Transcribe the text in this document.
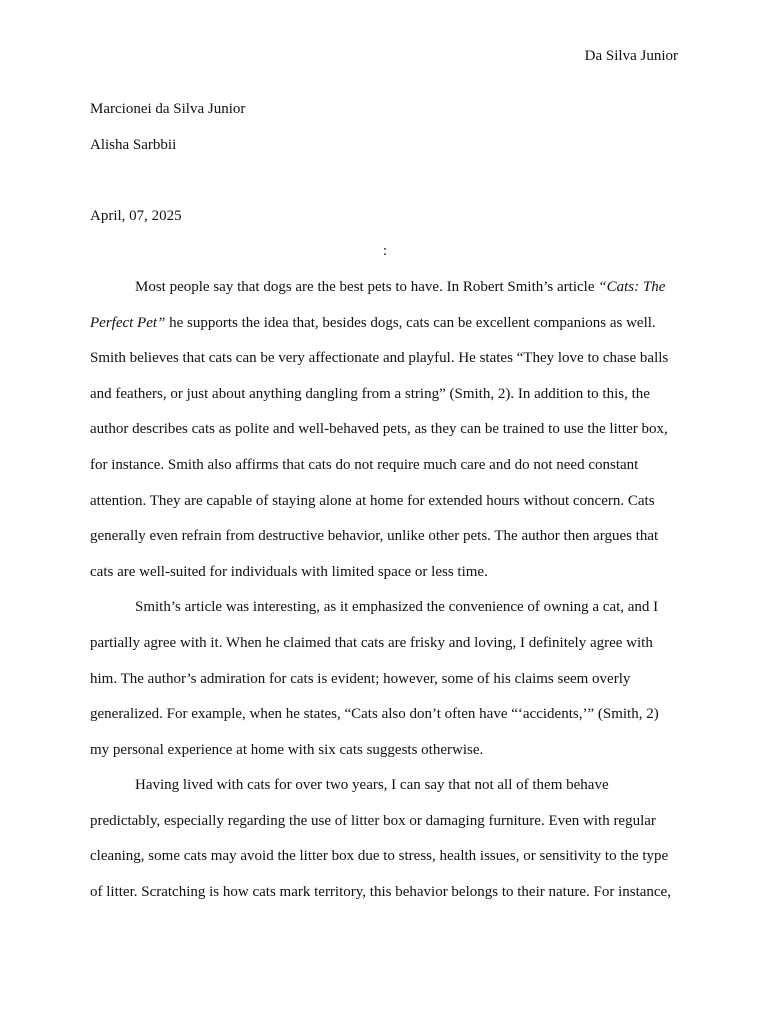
Da Silva Junior

Marcionei da Silva Junior

Alisha Sarbbii

April, 07, 2025

:

Most people say that dogs are the best pets to have. In Robert Smith’s article “Cats: The
Perfect Pet” he supports the idea that, besides dogs, cats can be excellent companions as well.
Smith believes that cats can be very affectionate and playful. He states “They love to chase balls
and feathers, or just about anything dangling from a string” (Smith, 2). In addition to this, the
author describes cats as polite and well-behaved pets, as they can be trained to use the litter box,
for instance. Smith also affirms that cats do not require much care and do not need constant
attention. They are capable of staying alone at home for extended hours without concern. Cats
generally even refrain from destructive behavior, unlike other pets. The author then argues that
cats are well-suited for individuals with limited space or less time.
Smith’s article was interesting, as it emphasized the convenience of owning a cat, and I
partially agree with it. When he claimed that cats are frisky and loving, I definitely agree with
him. The author’s admiration for cats is evident; however, some of his claims seem overly
generalized. For example, when he states, “Cats also don’t often have “‘accidents,’” (Smith, 2)
my personal experience at home with six cats suggests otherwise.
Having lived with cats for over two years, I can say that not all of them behave
predictably, especially regarding the use of litter box or damaging furniture. Even with regular
cleaning, some cats may avoid the litter box due to stress, health issues, or sensitivity to the type
of litter. Scratching is how cats mark territory, this behavior belongs to their nature. For instance,
